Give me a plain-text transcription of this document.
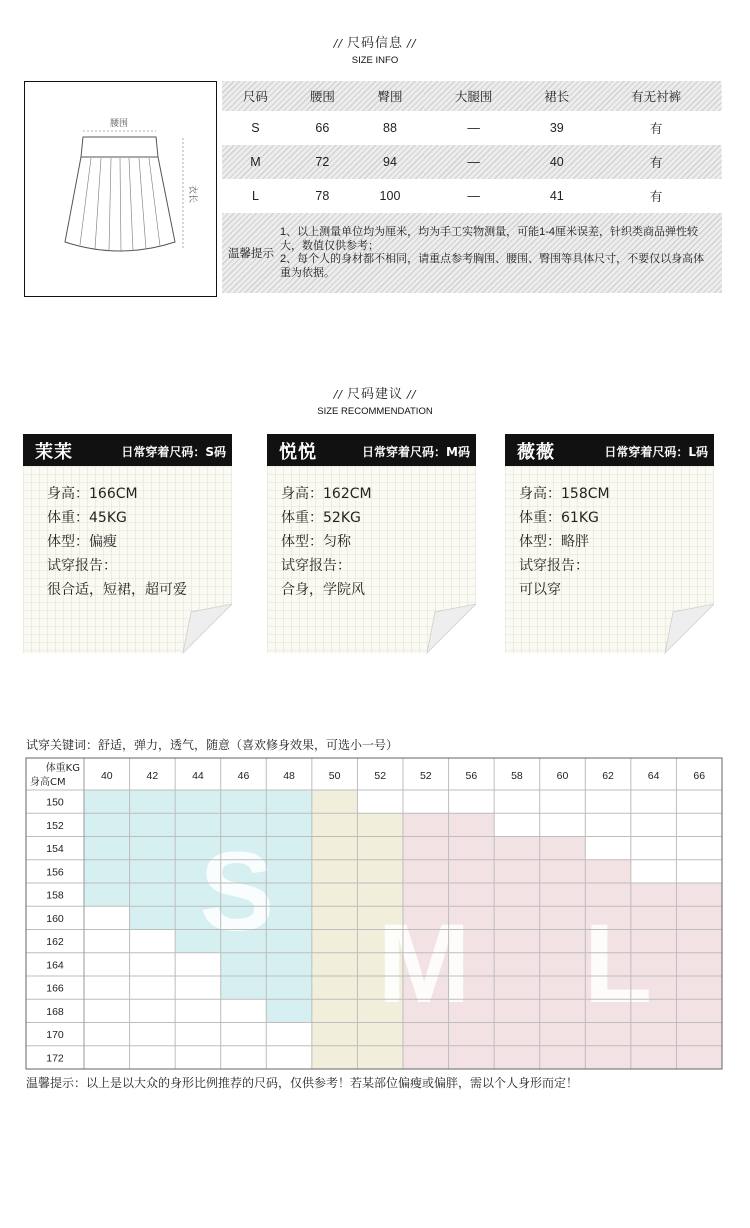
// 尺码信息 //
SIZE INFO
腰围
衣长
尺码	腰围	臀围	大腿围	裙长	有无衬裤
S	66	88	—	39	有
M	72	94	—	40	有
L	78	100	—	41	有

温馨提示
1、以上测量单位均为厘米，均为手工实物测量，可能1-4厘米误差，针织类商品弹性较大，数值仅供参考；
2、每个人的身材都不相同，请重点参考胸围、腰围、臀围等具体尺寸，不要仅以身高体重为依据。					
// 尺码建议 //
SIZE RECOMMENDATION
茉茉	日常穿着尺码：S码
身高：166CM
体重：45KG
体型：偏瘦
试穿报告：
很合适，短裙，超可爱
悦悦	日常穿着尺码：M码
身高：162CM
体重：52KG
体型：匀称
试穿报告：
合身，学院风
薇薇	日常穿着尺码：L码
身高：158CM
体重：61KG
体型：略胖
试穿报告：
可以穿
试穿关键词：舒适，弹力，透气，随意（喜欢修身效果，可选小一号）
S
M L
体重KG
身高CM
40	42	44	46	48	50	52	52	56	58	60	62	64	66
150
152
154
156
158
160
162
164
166
168
170
172
温馨提示：以上是以大众的身形比例推荐的尺码，仅供参考！若某部位偏瘦或偏胖，需以个人身形而定！
